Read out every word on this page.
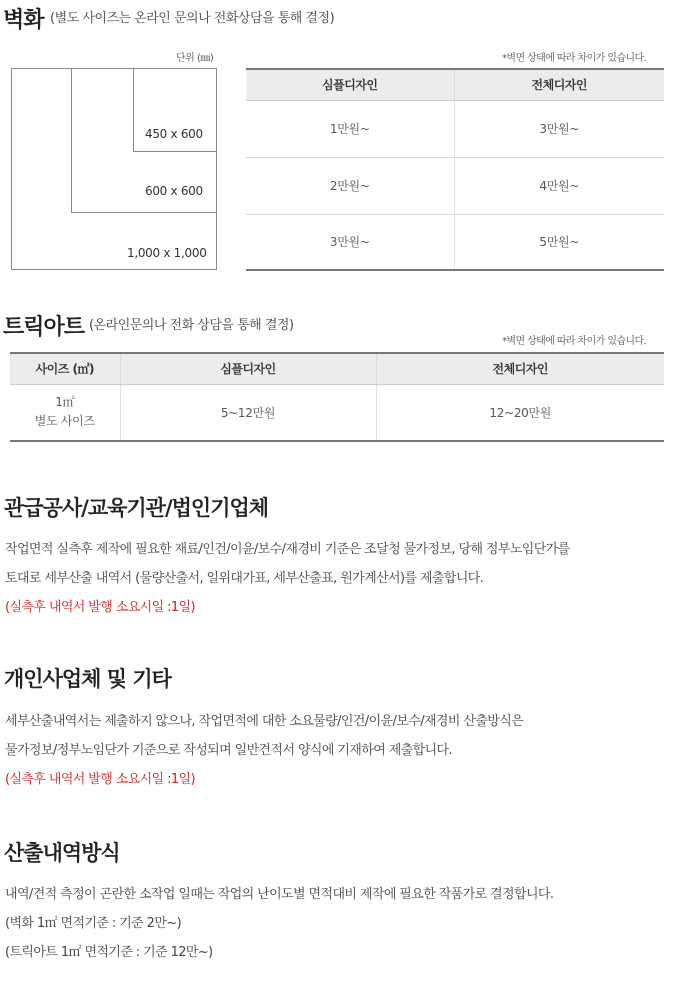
벽화 (별도 사이즈는 온라인 문의나 전화상담을 통해 결정)
단위 (㎜)	*벽면 상태에 따라 차이가 있습니다.
450 x 600
600 x 600
1,000 x 1,000
심플디자인	전체디자인
1만원~	3만원~
2만원~	4만원~
3만원~	5만원~
트릭아트 (온라인문의나 전화 상담을 통해 결정)
*벽면 상태에 따라 차이가 있습니다.
사이즈 (㎡)	심플디자인	전체디자인

1㎡
별도 사이즈	5~12만원	12~20만원
관급공사/교육기관/법인기업체
작업면적 실측후 제작에 필요한 재료/인건/이윤/보수/재경비 기준은 조달청 물가정보, 당해 정부노임단가를
토대로 세부산출 내역서 (물량산출서, 일위대가표, 세부산출표, 원가계산서)를 제출합니다.
(실측후 내역서 발행 소요시일 :1일)
개인사업체 및 기타
세부산출내역서는 제출하지 않으나, 작업면적에 대한 소요물량/인건/이윤/보수/재경비 산출방식은
물가정보/정부노임단가 기준으로 작성되며 일반견적서 양식에 기재하여 제출합니다.
(실측후 내역서 발행 소요시일 :1일)
산출내역방식
내역/견적 측정이 곤란한 소작업 일때는 작업의 난이도별 면적대비 제작에 필요한 작품가로 결정합니다.
(벽화 1㎡ 면적기준 : 기준 2만~)
(트릭아트 1㎡ 면적기준 : 기준 12만~)
